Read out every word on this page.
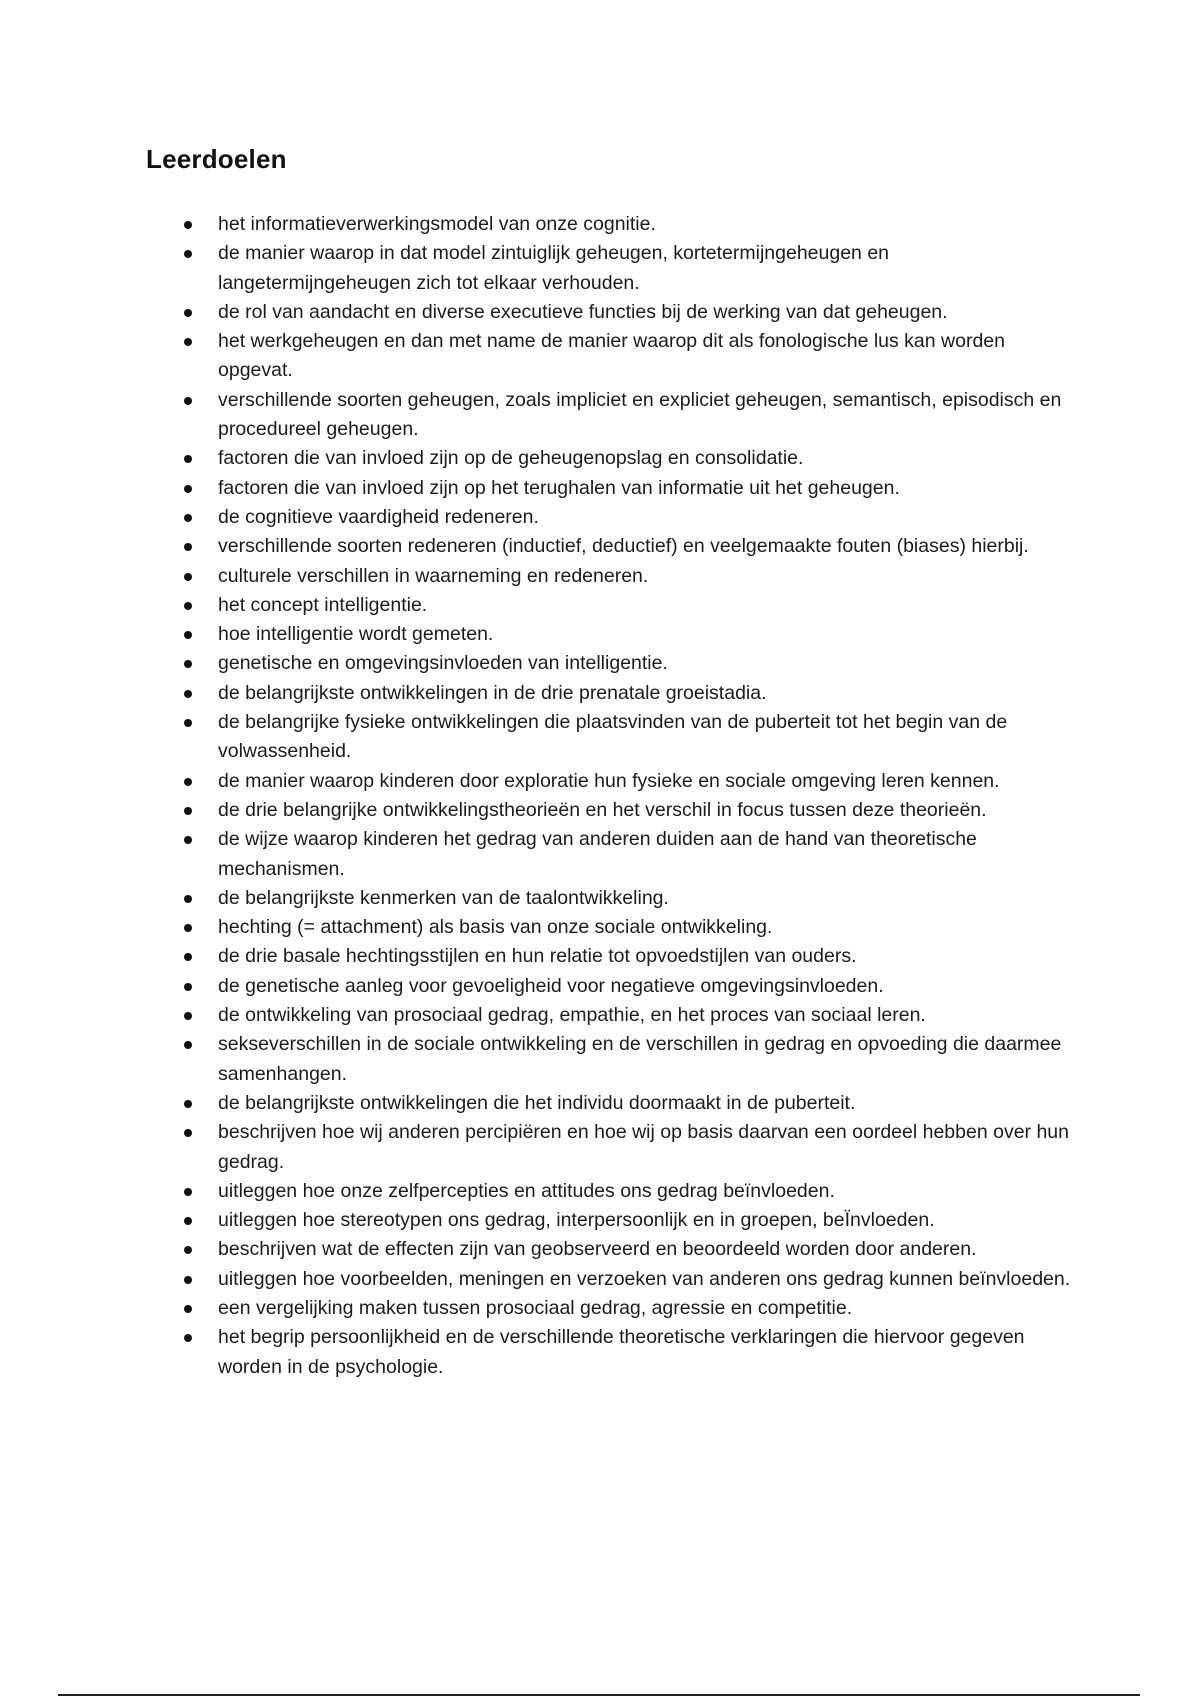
Leerdoelen
het informatieverwerkingsmodel van onze cognitie.
de manier waarop in dat model zintuiglijk geheugen, kortetermijngeheugen en langetermijngeheugen zich tot elkaar verhouden.
de rol van aandacht en diverse executieve functies bij de werking van dat geheugen.
het werkgeheugen en dan met name de manier waarop dit als fonologische lus kan worden opgevat.
verschillende soorten geheugen, zoals impliciet en expliciet geheugen, semantisch, episodisch en procedureel geheugen.
factoren die van invloed zijn op de geheugenopslag en consolidatie.
factoren die van invloed zijn op het terughalen van informatie uit het geheugen.
de cognitieve vaardigheid redeneren.
verschillende soorten redeneren (inductief, deductief) en veelgemaakte fouten (biases) hierbij.
culturele verschillen in waarneming en redeneren.
het concept intelligentie.
hoe intelligentie wordt gemeten.
genetische en omgevingsinvloeden van intelligentie.
de belangrijkste ontwikkelingen in de drie prenatale groeistadia.
de belangrijke fysieke ontwikkelingen die plaatsvinden van de puberteit tot het begin van de volwassenheid.
de manier waarop kinderen door exploratie hun fysieke en sociale omgeving leren kennen.
de drie belangrijke ontwikkelingstheorieën en het verschil in focus tussen deze theorieën.
de wijze waarop kinderen het gedrag van anderen duiden aan de hand van theoretische mechanismen.
de belangrijkste kenmerken van de taalontwikkeling.
hechting (= attachment) als basis van onze sociale ontwikkeling.
de drie basale hechtingsstijlen en hun relatie tot opvoedstijlen van ouders.
de genetische aanleg voor gevoeligheid voor negatieve omgevingsinvloeden.
de ontwikkeling van prosociaal gedrag, empathie, en het proces van sociaal leren.
sekseverschillen in de sociale ontwikkeling en de verschillen in gedrag en opvoeding die daarmee samenhangen.
de belangrijkste ontwikkelingen die het individu doormaakt in de puberteit.
beschrijven hoe wij anderen percipiëren en hoe wij op basis daarvan een oordeel hebben over hun gedrag.
uitleggen hoe onze zelfpercepties en attitudes ons gedrag beïnvloeden.
uitleggen hoe stereotypen ons gedrag, interpersoonlijk en in groepen, beÏnvloeden.
beschrijven wat de effecten zijn van geobserveerd en beoordeeld worden door anderen.
uitleggen hoe voorbeelden, meningen en verzoeken van anderen ons gedrag kunnen beïnvloeden.
een vergelijking maken tussen prosociaal gedrag, agressie en competitie.
het begrip persoonlijkheid en de verschillende theoretische verklaringen die hiervoor gegeven worden in de psychologie.
